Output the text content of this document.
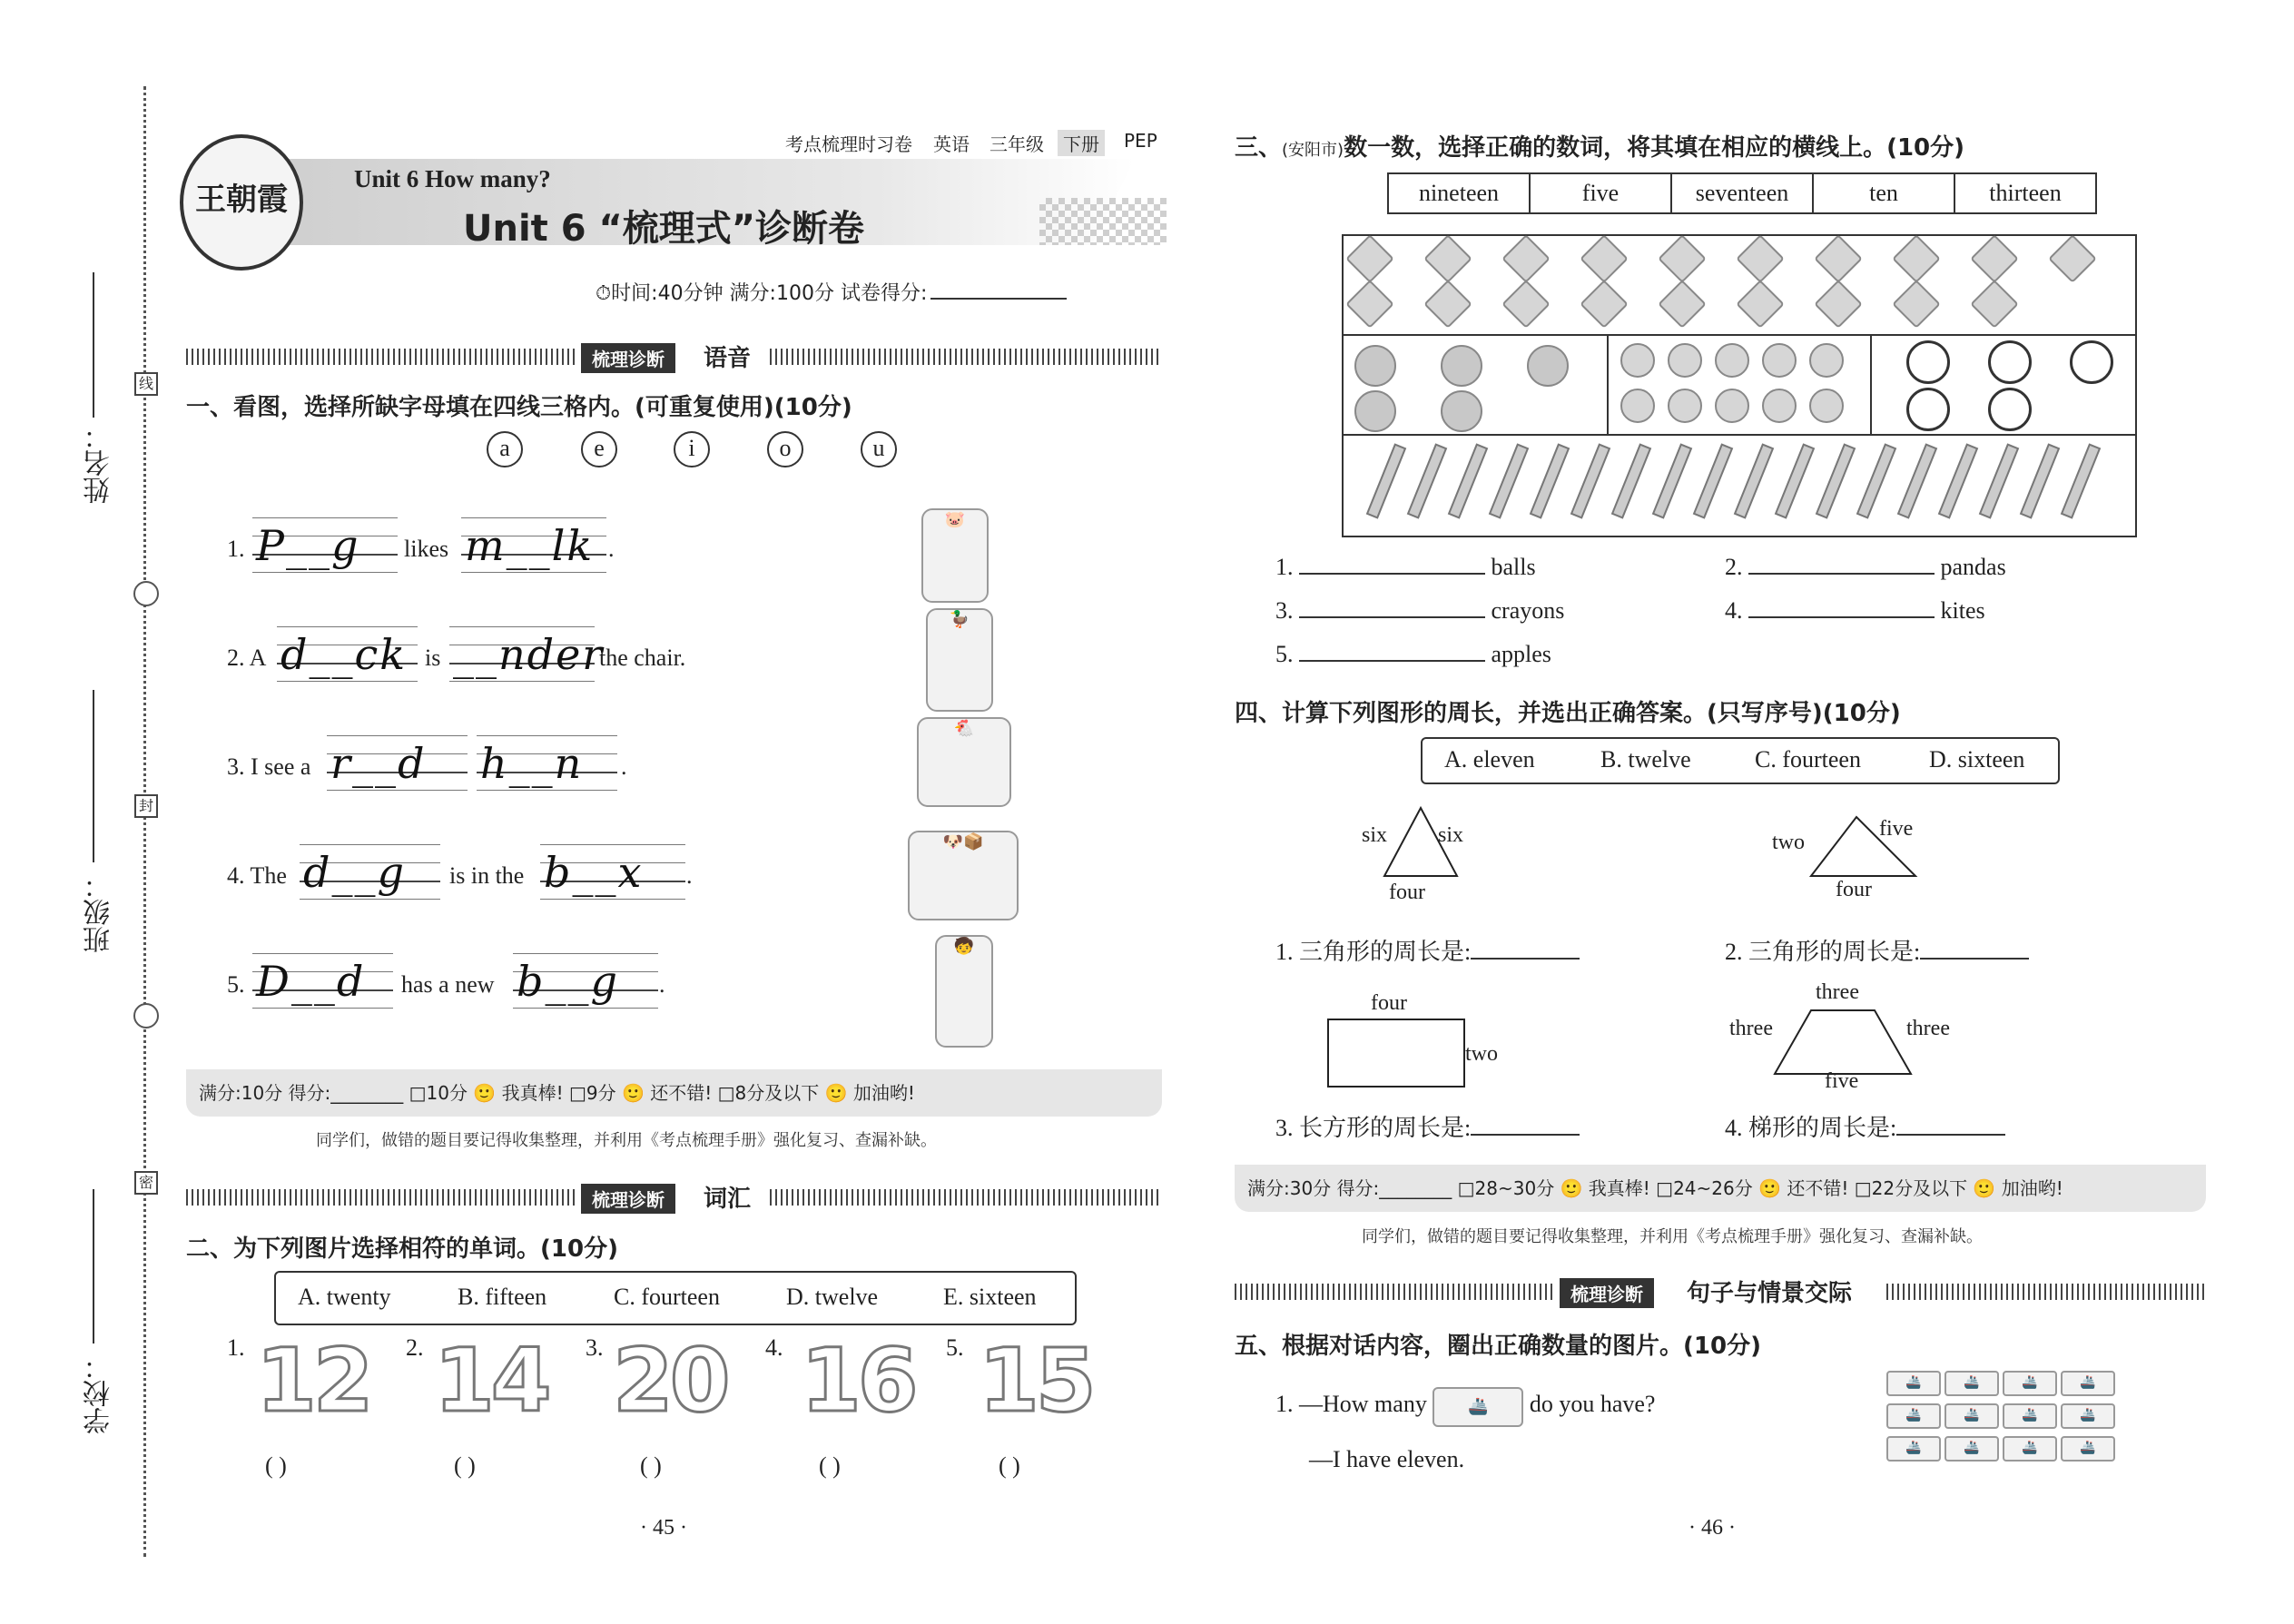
姓名：
班级：
学校：
线
封
密
王朝霞
Unit 6 How many?
Unit 6 “梳理式”诊断卷
考点梳理时习卷 英语 三年级	下册	PEP
⏱时间:40分钟 满分:100分 试卷得分:
梳理诊断	语音
一、看图，选择所缺字母填在四线三格内。(可重复使用)(10分)
a	e	i	o	u
1. P__g	likes m__lk .
🐷
2. A d__ck is __nder
the chair.
🦆
3. I see a r__d	h__n	.
🐔
4. The d__g	is in the b__x	.
🐶📦
5. D__d	has a new b__g	.
🧒
满分:10分 得分:________ □10分 🙂 我真棒! □9分 🙂 还不错! □8分及以下 🙂 加油哟!
同学们，做错的题目要记得收集整理，并利用《考点梳理手册》强化复习、查漏补缺。
梳理诊断	词汇
二、为下列图片选择相符的单词。(10分)
A. twenty	B. fifteen	C. fourteen	D. twelve	E. sixteen
1. 12
( )
2. 14
( )
3. 20
( )
4. 16
( )
5. 15
( )
· 45 ·
三、(安阳市)数一数，选择正确的数词，将其填在相应的横线上。(10分)
nineteen	five	seventeen	ten	thirteen
1.	balls	2.	pandas
3.	crayons	4.	kites
5.	apples
四、计算下列图形的周长，并选出正确答案。(只写序号)(10分)
A. eleven	B. twelve	C. fourteen	D. sixteen
six six
four
two
five
four
1. 三角形的周长是:	2. 三角形的周长是:
four
two
three
three	three
five
3. 长方形的周长是:	4. 梯形的周长是:
满分:30分 得分:________ □28~30分 🙂 我真棒! □24~26分 🙂 还不错! □22分及以下 🙂 加油哟!
同学们，做错的题目要记得收集整理，并利用《考点梳理手册》强化复习、查漏补缺。
梳理诊断	句子与情景交际
五、根据对话内容，圈出正确数量的图片。(10分)
1. —How many	🚢 do you have?
—I have eleven.
🚢	🚢	🚢	🚢
🚢	🚢	🚢	🚢
🚢	🚢	🚢	🚢
· 46 ·
